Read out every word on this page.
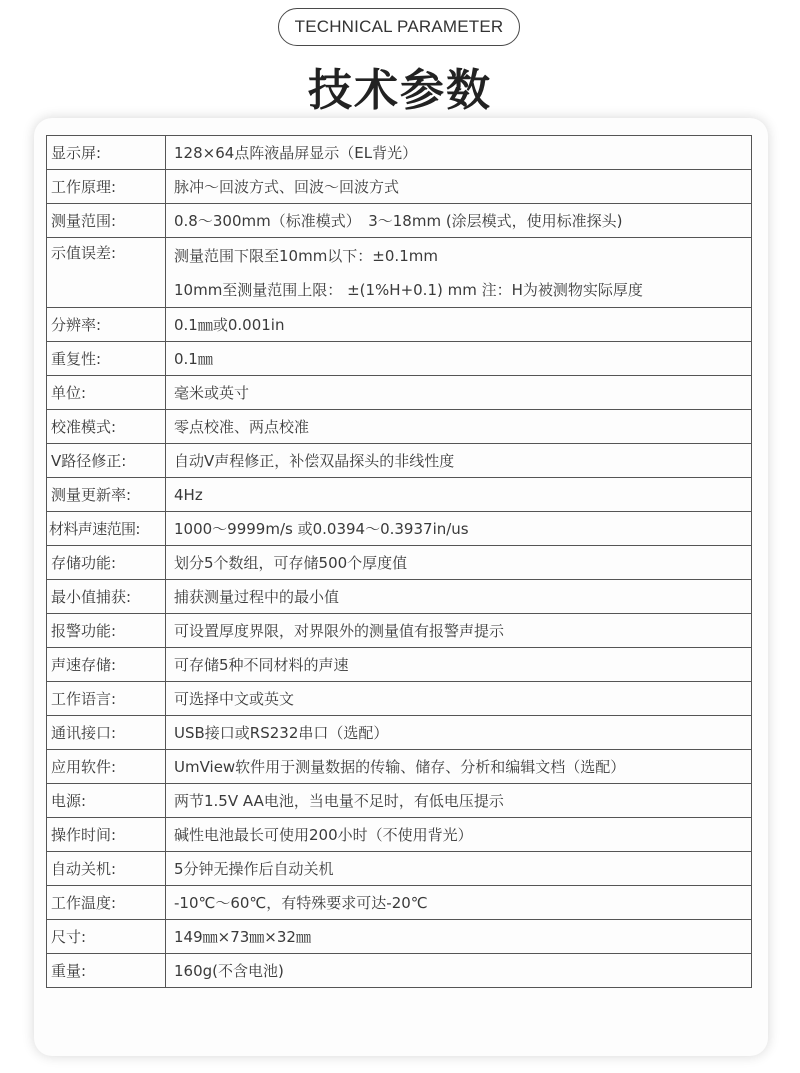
TECHNICAL PARAMETER
技术参数
显示屏:	128×64点阵液晶屏显示（EL背光）
工作原理:	脉冲～回波方式、回波～回波方式
测量范围:	0.8～300mm（标准模式）　3～18mm (涂层模式，使用标准探头)
示值误差:	测量范围下限至10mm以下：±0.1mm
10mm至测量范围上限： ±(1%H+0.1) mm 注：H为被测物实际厚度

分辨率:	0.1㎜或0.001in
重复性:	0.1㎜
单位:	毫米或英寸
校准模式:	零点校准、两点校准
V路径修正:	自动V声程修正，补偿双晶探头的非线性度
测量更新率:	4Hz
材料声速范围:	1000～9999m/s 或0.0394～0.3937in/us
存储功能:	划分5个数组，可存储500个厚度值
最小值捕获:	捕获测量过程中的最小值
报警功能:	可设置厚度界限，对界限外的测量值有报警声提示
声速存储:	可存储5种不同材料的声速
工作语言:	可选择中文或英文
通讯接口:	USB接口或RS232串口（选配）
应用软件:	UmView软件用于测量数据的传输、储存、分析和编辑文档（选配）
电源:	两节1.5V AA电池，当电量不足时，有低电压提示
操作时间:	碱性电池最长可使用200小时（不使用背光）
自动关机:	5分钟无操作后自动关机
工作温度:	-10℃～60℃，有特殊要求可达-20℃
尺寸:	149㎜×73㎜×32㎜
重量:	160g(不含电池)
